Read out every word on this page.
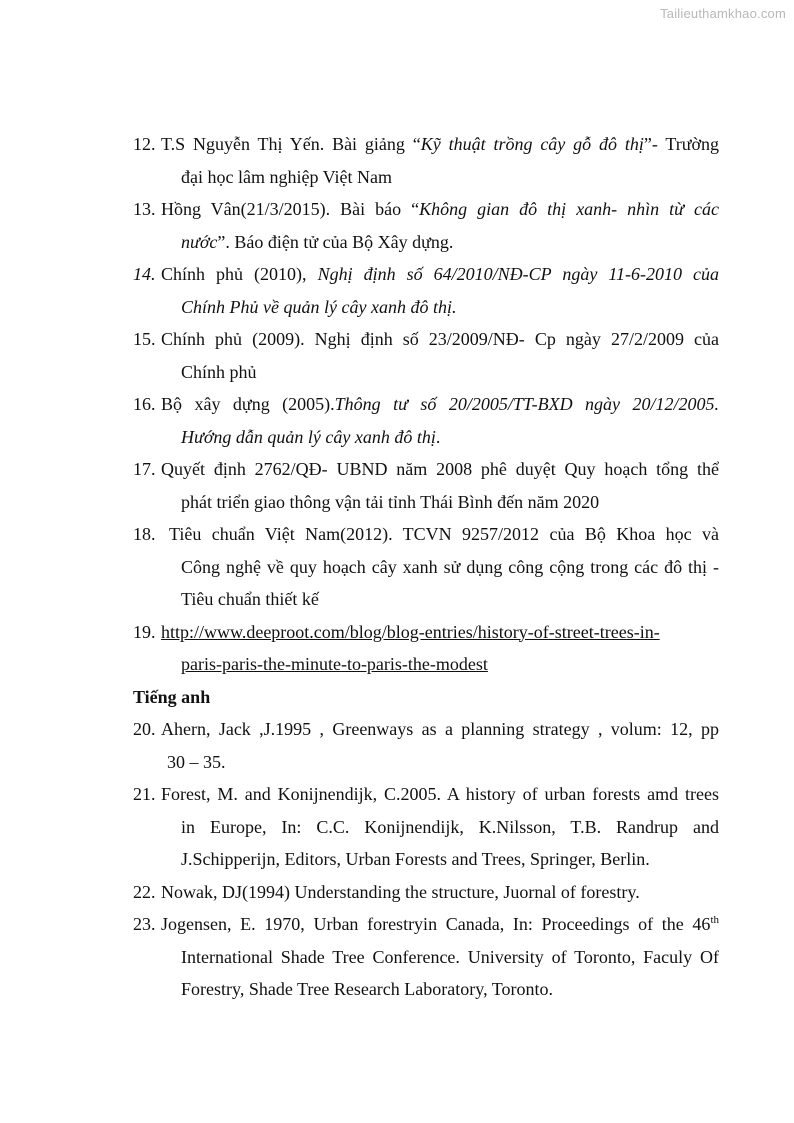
Tailieuthamkhao.com
12. T.S Nguyễn Thị Yến. Bài giảng “Kỹ thuật trồng cây gỗ đô thị”- Trường
đại học lâm nghiệp Việt Nam
13. Hồng Vân(21/3/2015). Bài báo “Không gian đô thị xanh- nhìn từ các
nước”. Báo điện tử của Bộ Xây dựng.
14. Chính phủ (2010), Nghị định số 64/2010/NĐ-CP ngày 11-6-2010 của
Chính Phủ về quản lý cây xanh đô thị.
15. Chính phủ (2009). Nghị định số 23/2009/NĐ- Cp ngày 27/2/2009 của
Chính phủ
16. Bộ xây dựng (2005).Thông tư số 20/2005/TT-BXD ngày 20/12/2005.
Hướng dẫn quản lý cây xanh đô thị.
17. Quyết định 2762/QĐ- UBND năm 2008 phê duyệt Quy hoạch tổng thể
phát triển giao thông vận tải tỉnh Thái Bình đến năm 2020
18. Tiêu chuẩn Việt Nam(2012). TCVN 9257/2012 của Bộ Khoa học và
Công nghệ về quy hoạch cây xanh sử dụng công cộng trong các đô thị -
Tiêu chuẩn thiết kế
19. http://www.deeproot.com/blog/blog-entries/history-of-street-trees-in-
paris-paris-the-minute-to-paris-the-modest
Tiếng anh
20. Ahern, Jack ,J.1995 , Greenways as a planning strategy , volum: 12, pp
30 – 35.
21. Forest, M. and Konijnendijk, C.2005. A history of urban forests amd trees
in Europe, In: C.C. Konijnendijk, K.Nilsson, T.B. Randrup and
J.Schipperijn, Editors, Urban Forests and Trees, Springer, Berlin.
22. Nowak, DJ(1994) Understanding the structure, Juornal of forestry.
23. Jogensen, E. 1970, Urban forestryin Canada, In: Proceedings of the 46th
International Shade Tree Conference. University of Toronto, Faculy Of
Forestry, Shade Tree Research Laboratory, Toronto.
